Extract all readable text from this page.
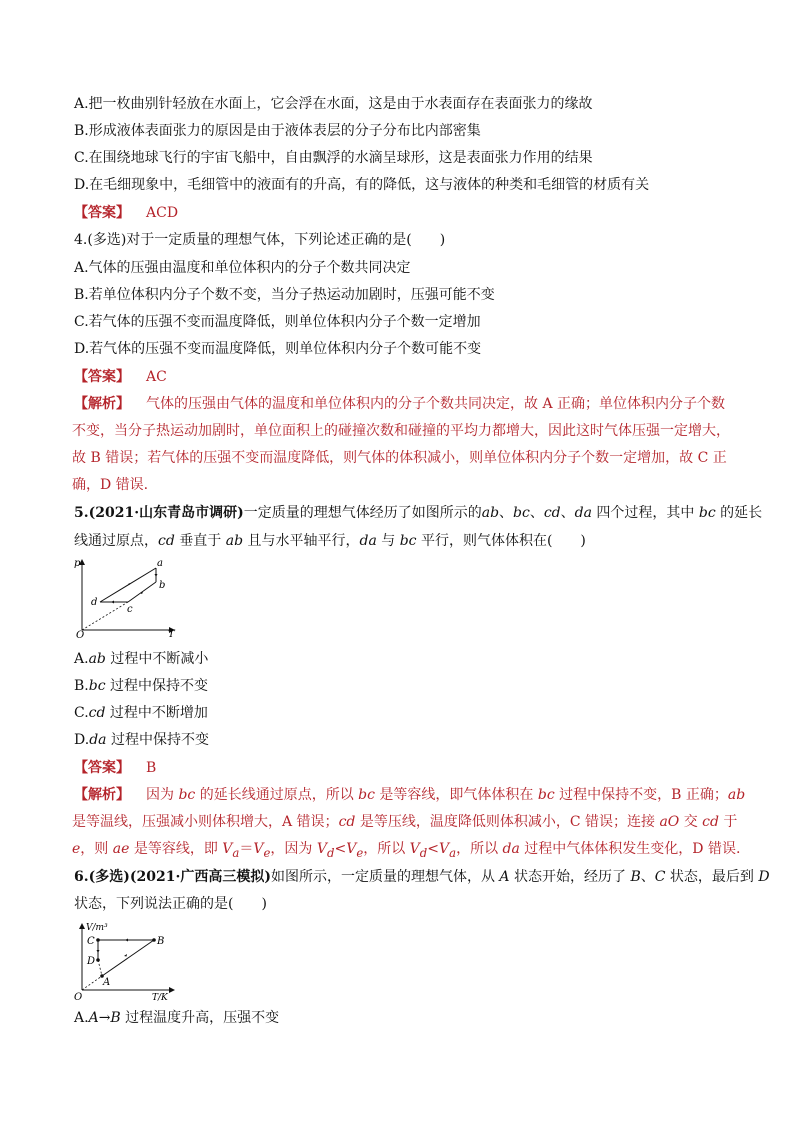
A.把一枚曲别针轻放在水面上，它会浮在水面，这是由于水表面存在表面张力的缘故
B.形成液体表面张力的原因是由于液体表层的分子分布比内部密集
C.在围绕地球飞行的宇宙飞船中，自由飘浮的水滴呈球形，这是表面张力作用的结果
D.在毛细现象中，毛细管中的液面有的升高，有的降低，这与液体的种类和毛细管的材质有关
【答案】 ACD
4.(多选)对于一定质量的理想气体，下列论述正确的是(　　)
A.气体的压强由温度和单位体积内的分子个数共同决定
B.若单位体积内分子个数不变，当分子热运动加剧时，压强可能不变
C.若气体的压强不变而温度降低，则单位体积内分子个数一定增加
D.若气体的压强不变而温度降低，则单位体积内分子个数可能不变
【答案】 AC
【解析】 气体的压强由气体的温度和单位体积内的分子个数共同决定，故 A 正确；单位体积内分子个数
不变，当分子热运动加剧时，单位面积上的碰撞次数和碰撞的平均力都增大，因此这时气体压强一定增大，
故 B 错误；若气体的压强不变而温度降低，则气体的体积减小，则单位体积内分子个数一定增加，故 C 正
确，D 错误.
5.(2021·山东青岛市调研)一定质量的理想气体经历了如图所示的ab、bc、cd、da 四个过程，其中 bc 的延长
线通过原点，cd 垂直于 ab 且与水平轴平行，da 与 bc 平行，则气体体积在(　　)
p
T
O
a
b
c
d
A.ab 过程中不断减小
B.bc 过程中保持不变
C.cd 过程中不断增加
D.da 过程中保持不变
【答案】 B
【解析】 因为 bc 的延长线通过原点，所以 bc 是等容线，即气体体积在 bc 过程中保持不变，B 正确；ab
是等温线，压强减小则体积增大，A 错误；cd 是等压线，温度降低则体积减小，C 错误；连接 aO 交 cd 于
e，则 ae 是等容线，即 $V_a=V_e$，因为 $V_d<V_e$，所以 $V_d<V_a$，所以 da 过程中气体体积发生变化，D 错误.
6.(多选)(2021·广西高三模拟)如图所示，一定质量的理想气体，从 A 状态开始，经历了 B、C 状态，最后到 D
状态，下列说法正确的是(　　)
V/m³
T/K
O
A
B
C
D
A.A→B 过程温度升高，压强不变
